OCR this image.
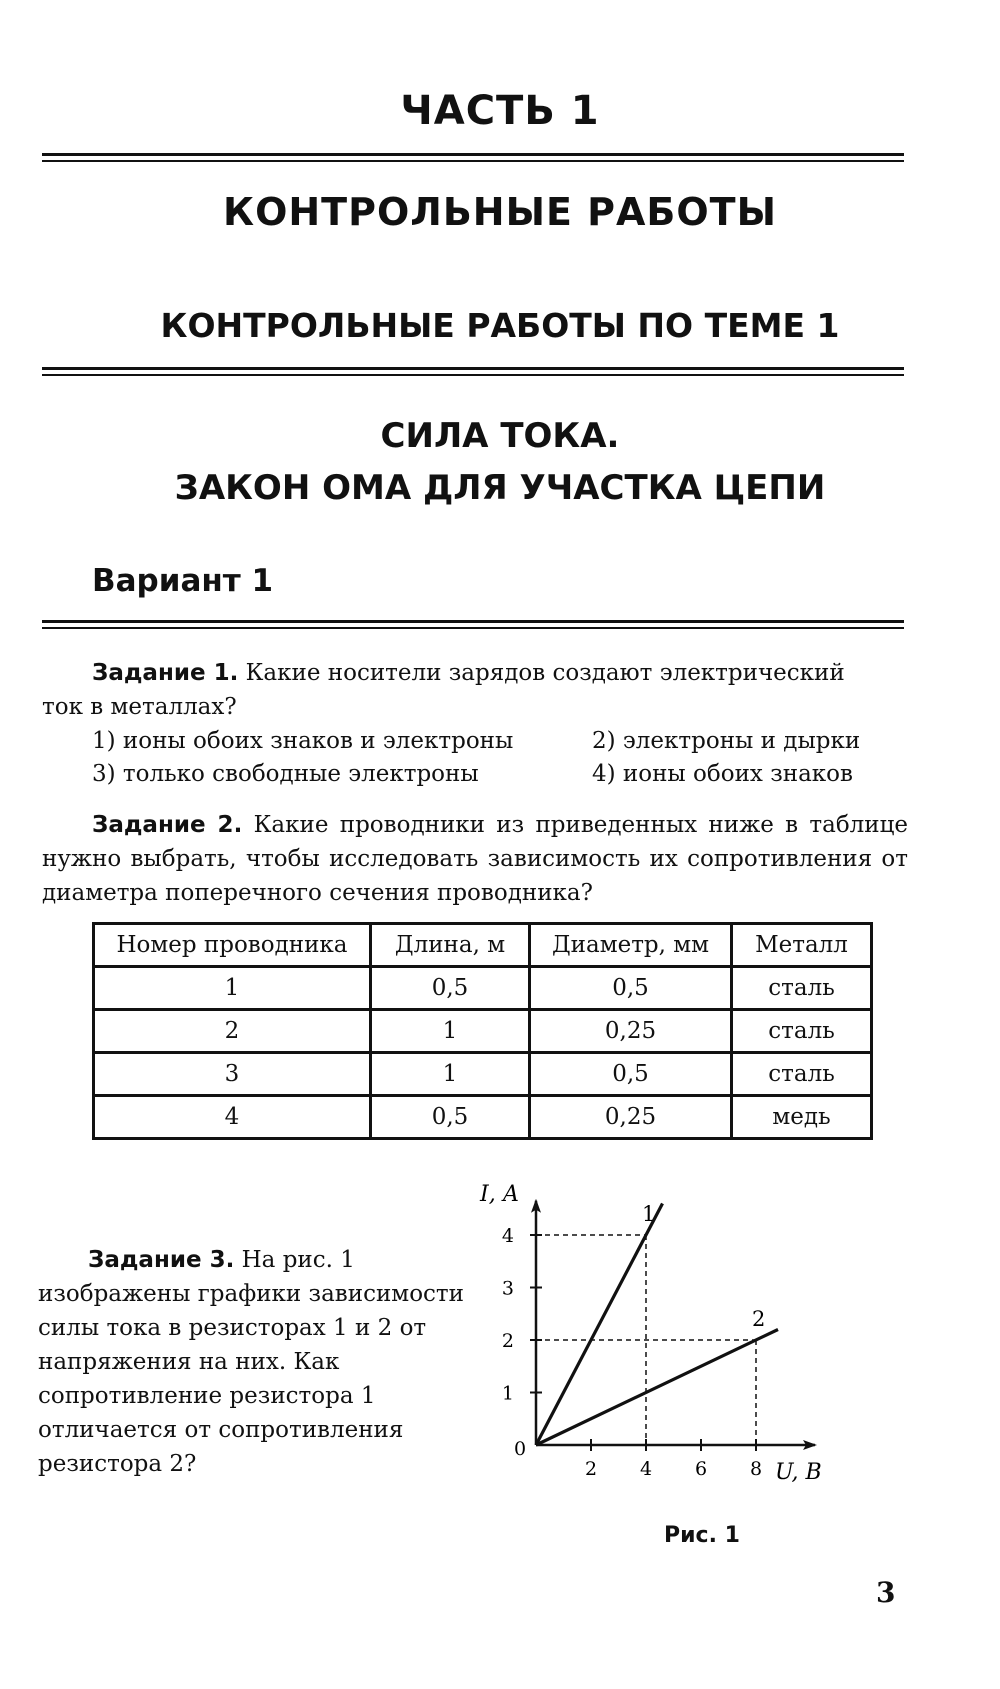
ЧАСТЬ 1
КОНТРОЛЬНЫЕ РАБОТЫ
КОНТРОЛЬНЫЕ РАБОТЫ ПО ТЕМЕ 1
СИЛА ТОКА.
ЗАКОН ОМА ДЛЯ УЧАСТКА ЦЕПИ
Вариант 1
Задание 1. Какие носители зарядов создают электрический
ток в металлах?
1) ионы обоих знаков и электроны	2) электроны и дырки
3) только свободные электроны	4) ионы обоих знаков
Задание 2. Какие проводники из приведенных ниже в таблице нужно выбрать, чтобы исследовать зависимость их сопротивления от диаметра поперечного сечения проводника?
Номер проводника	Длина, м	Диаметр, мм	Металл
1	0,5	0,5	сталь
2	1	0,25	сталь
3	1	0,5	сталь
4	0,5	0,25	медь
Задание 3. На рис. 1 изображены графики зависимости силы тока в резисторах 1 и 2 от напряжения на них. Как сопротивление резистора 1 отличается от сопротивления резистора 2?
I, А
U, В
0
2 4 6 8
1
2
3
4
1
2

Рис. 1

3
